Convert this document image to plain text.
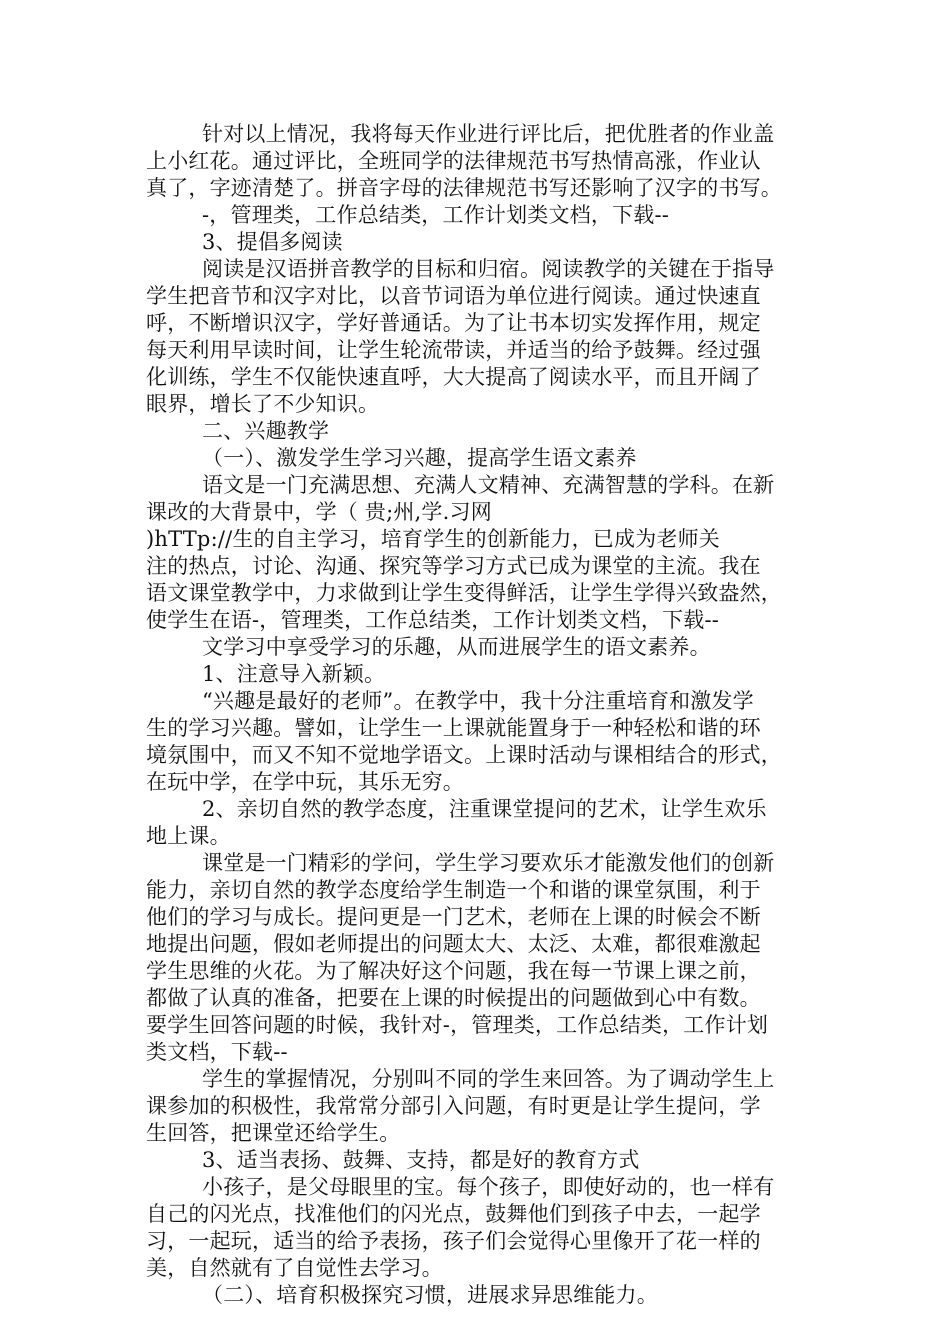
针对以上情况，我将每天作业进行评比后，把优胜者的作业盖
上小红花。通过评比，全班同学的法律规范书写热情高涨，作业认
真了，字迹清楚了。拼音字母的法律规范书写还影响了汉字的书写。
-，管理类，工作总结类，工作计划类文档，下载--
3、提倡多阅读
阅读是汉语拼音教学的目标和归宿。阅读教学的关键在于指导
学生把音节和汉字对比，以音节词语为单位进行阅读。通过快速直
呼，不断增识汉字，学好普通话。为了让书本切实发挥作用，规定
每天利用早读时间，让学生轮流带读，并适当的给予鼓舞。经过强
化训练，学生不仅能快速直呼，大大提高了阅读水平，而且开阔了
眼界，增长了不少知识。
二、兴趣教学
（一）、激发学生学习兴趣，提高学生语文素养
语文是一门充满思想、充满人文精神、充满智慧的学科。在新
课改的大背景中，学（ 贵;州,学.习网
)hTTp://生的自主学习，培育学生的创新能力，已成为老师关
注的热点，讨论、沟通、探究等学习方式已成为课堂的主流。我在
语文课堂教学中，力求做到让学生变得鲜活，让学生学得兴致盎然，
使学生在语-，管理类，工作总结类，工作计划类文档，下载--
文学习中享受学习的乐趣，从而进展学生的语文素养。
1、注意导入新颖。
“兴趣是最好的老师”。在教学中，我十分注重培育和激发学
生的学习兴趣。譬如，让学生一上课就能置身于一种轻松和谐的环
境氛围中，而又不知不觉地学语文。上课时活动与课相结合的形式，
在玩中学，在学中玩，其乐无穷。
2、亲切自然的教学态度，注重课堂提问的艺术，让学生欢乐
地上课。
课堂是一门精彩的学问，学生学习要欢乐才能激发他们的创新
能力，亲切自然的教学态度给学生制造一个和谐的课堂氛围，利于
他们的学习与成长。提问更是一门艺术，老师在上课的时候会不断
地提出问题，假如老师提出的问题太大、太泛、太难，都很难激起
学生思维的火花。为了解决好这个问题，我在每一节课上课之前，
都做了认真的准备，把要在上课的时候提出的问题做到心中有数。
要学生回答问题的时候，我针对-，管理类，工作总结类，工作计划
类文档，下载--
学生的掌握情况，分别叫不同的学生来回答。为了调动学生上
课参加的积极性，我常常分部引入问题，有时更是让学生提问，学
生回答，把课堂还给学生。
3、适当表扬、鼓舞、支持，都是好的教育方式
小孩子，是父母眼里的宝。每个孩子，即使好动的，也一样有
自己的闪光点，找准他们的闪光点，鼓舞他们到孩子中去，一起学
习，一起玩，适当的给予表扬，孩子们会觉得心里像开了花一样的
美，自然就有了自觉性去学习。
（二）、培育积极探究习惯，进展求异思维能力。
